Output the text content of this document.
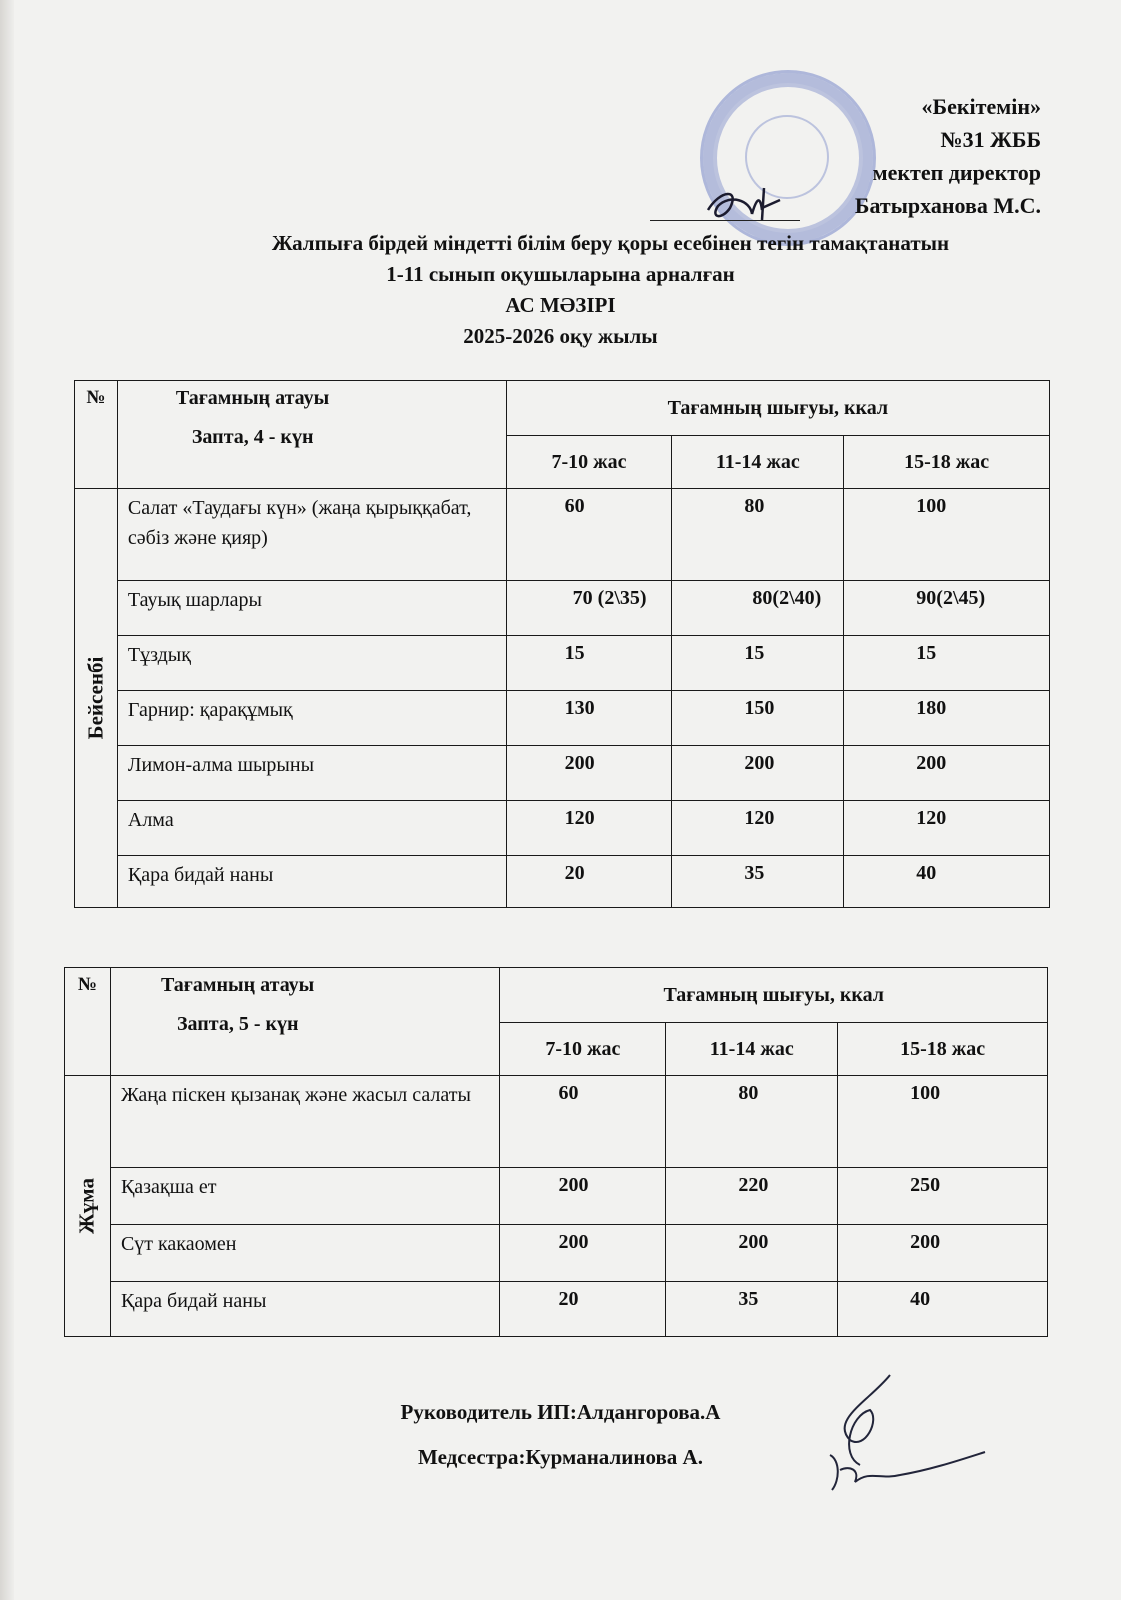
«Бекітемін»
№31 ЖББ
мектеп директор
Батырханова М.С.
Жалпыға бірдей міндетті білім беру қоры есебінен тегін тамақтанатын
1-11 сынып оқушыларына арналған
АС МӘЗІРІ
2025-2026 оқу жылы
№	Тағамның атауы
Запта, 4 - күн	Тағамның шығуы, ккал		
		7-10 жас	11-14 жас	15-18 жас

Бейсенбі	Салат «Таудағы күн» (жаңа қырыққабат, сәбіз және қияр)	60	80	100
	Тауық шарлары	70 (2\35)	80(2\40)	90(2\45)
	Тұздық	15	15	15
	Гарнир: қарақұмық	130	150	180
	Лимон-алма шырыны	200	200	200
	Алма	120	120	120
	Қара бидай наны	20	35	40
№	Тағамның атауы
Запта, 5 - күн	Тағамның шығуы, ккал		
		7-10 жас	11-14 жас	15-18 жас

Жұма	Жаңа піскен қызанақ және жасыл салаты	60	80	100
	Қазақша ет	200	220	250
	Сүт какаомен	200	200	200
	Қара бидай наны	20	35	40
Руководитель ИП:Алдангорова.А
Медсестра:Курманалинова А.
